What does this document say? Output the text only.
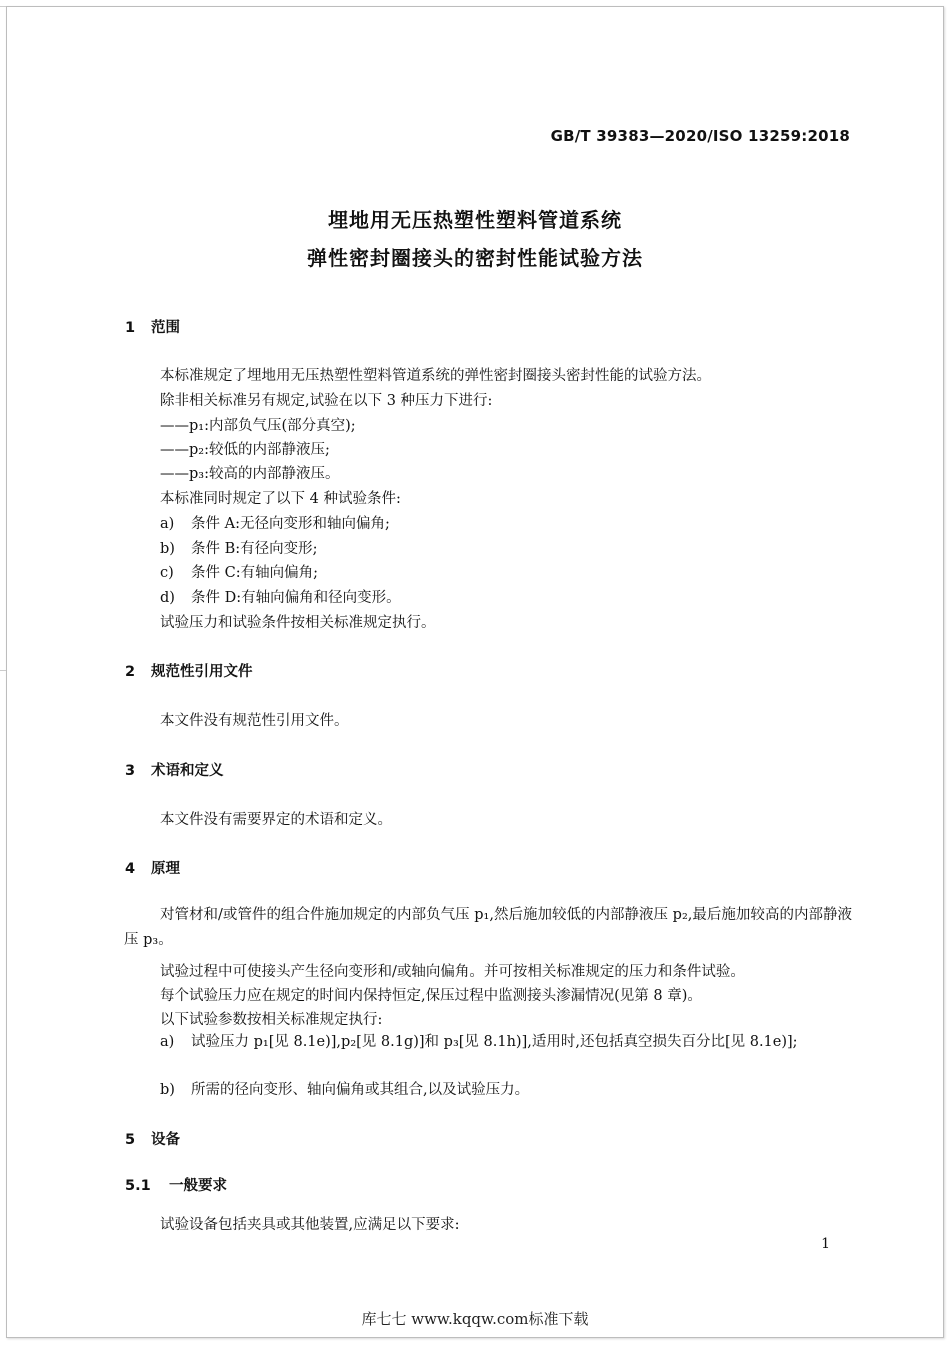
GB/T 39383—2020/ISO 13259:2018
埋地用无压热塑性塑料管道系统
弹性密封圈接头的密封性能试验方法
1 范围
本标准规定了埋地用无压热塑性塑料管道系统的弹性密封圈接头密封性能的试验方法。
除非相关标准另有规定,试验在以下 3 种压力下进行:
——p₁:内部负气压(部分真空);
——p₂:较低的内部静液压;
——p₃:较高的内部静液压。
本标准同时规定了以下 4 种试验条件:
a) 条件 A:无径向变形和轴向偏角;
b) 条件 B:有径向变形;
c) 条件 C:有轴向偏角;
d) 条件 D:有轴向偏角和径向变形。
试验压力和试验条件按相关标准规定执行。
2 规范性引用文件
本文件没有规范性引用文件。
3 术语和定义
本文件没有需要界定的术语和定义。
4 原理
对管材和/或管件的组合件施加规定的内部负气压 p₁,然后施加较低的内部静液压 p₂,最后施加较高的内部静液压 p₃。
试验过程中可使接头产生径向变形和/或轴向偏角。并可按相关标准规定的压力和条件试验。
每个试验压力应在规定的时间内保持恒定,保压过程中监测接头渗漏情况(见第 8 章)。
以下试验参数按相关标准规定执行:
a) 试验压力 p₁[见 8.1e)],p₂[见 8.1g)]和 p₃[见 8.1h)],适用时,还包括真空损失百分比[见 8.1e)];
b) 所需的径向变形、轴向偏角或其组合,以及试验压力。
5 设备
5.1 一般要求
试验设备包括夹具或其他装置,应满足以下要求:
1
库七七 www.kqqw.com标准下载
